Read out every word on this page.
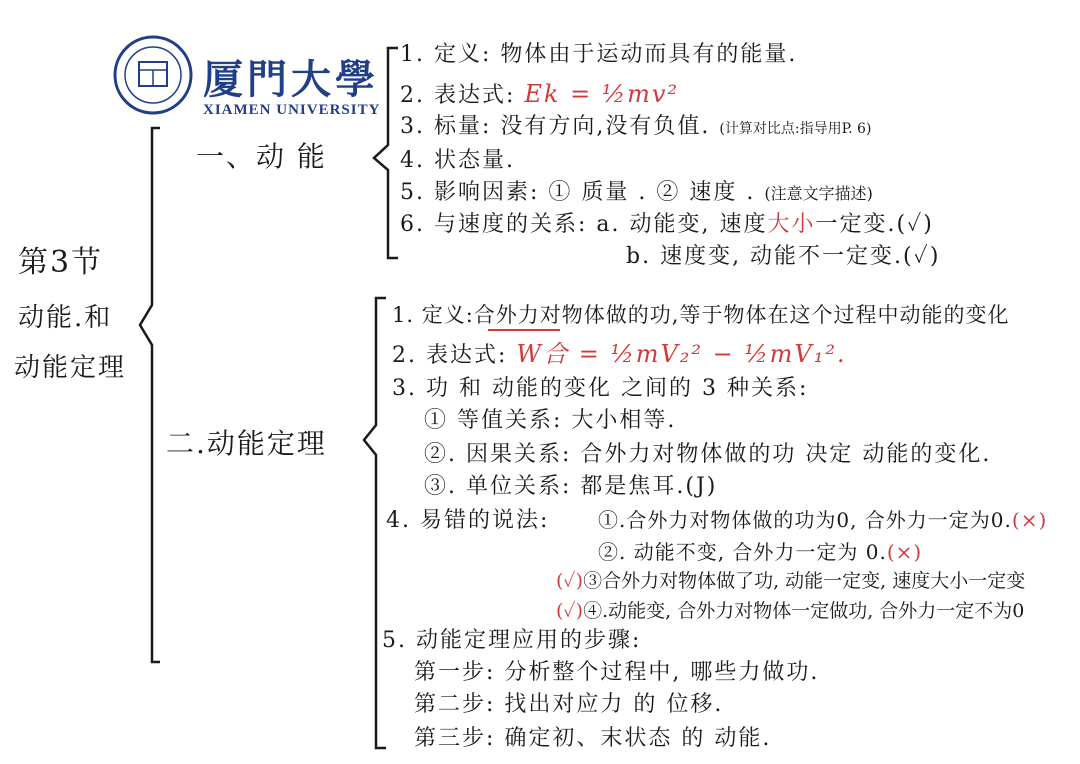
厦門大學
XIAMEN UNIVERSITY
第3节
动能.和
动能定理
一、动 能
1. 定义: 物体由于运动而具有的能量.
2. 表达式: Ek = ½mv²
3. 标量: 没有方向,没有负值. (计算对比点:指导用P. 6)
4. 状态量.
5. 影响因素: ① 质量 . ② 速度 . (注意文字描述)
6. 与速度的关系: a. 动能变, 速度大小一定变.(✓)
b. 速度变, 动能不一定变.(✓)
二.动能定理
1. 定义:合外力对物体做的功,等于物体在这个过程中动能的变化
2. 表达式: W合 = ½mV₂² − ½mV₁².
3. 功 和 动能的变化 之间的 3 种关系:
① 等值关系: 大小相等.
②. 因果关系: 合外力对物体做的功 决定 动能的变化.
③. 单位关系: 都是焦耳.(J)
4. 易错的说法: ①.合外力对物体做的功为0, 合外力一定为0.(×)
②. 动能不变, 合外力一定为 0.(×)
(✓)③合外力对物体做了功, 动能一定变, 速度大小一定变
(✓)④.动能变, 合外力对物体一定做功, 合外力一定不为0
5. 动能定理应用的步骤:
第一步: 分析整个过程中, 哪些力做功.
第二步: 找出对应力 的 位移.
第三步: 确定初、末状态 的 动能.
